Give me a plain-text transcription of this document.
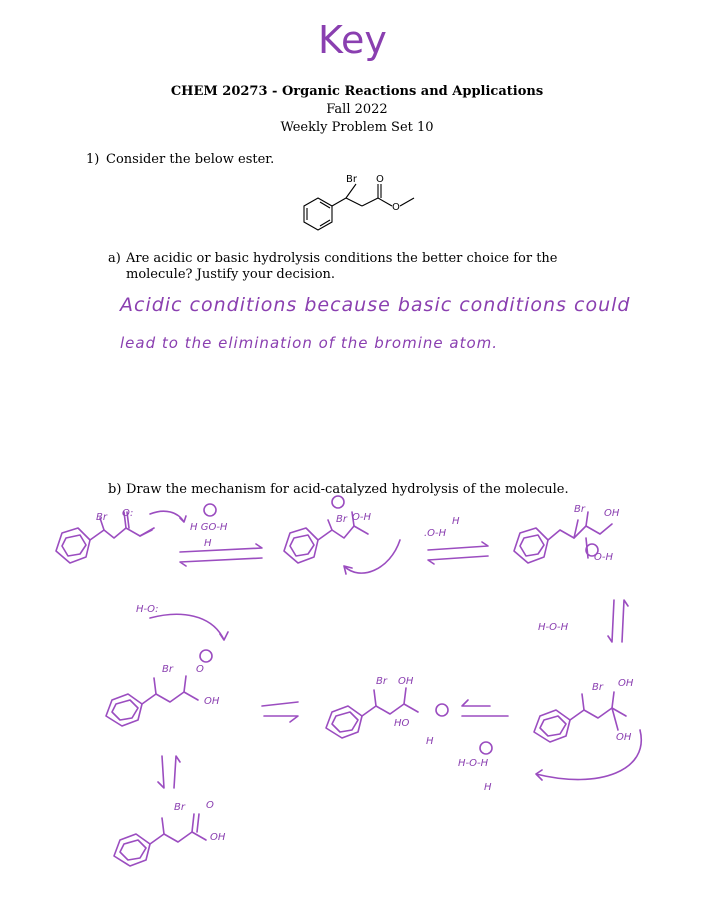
Key
CHEM 20273 - Organic Reactions and Applications
Fall 2022
Weekly Problem Set 10
1) Consider the below ester.
Br O
O
a) Are acidic or basic hydrolysis conditions the better choice for the molecule? Justify your decision.
Acidic conditions because basic conditions could
lead to the elimination of the bromine atom.
b) Draw the mechanism for acid-catalyzed hydrolysis of the molecule.
Br O:
H GO-H
H
Br O-H
.O-H
H
Br OH
O-H
H-O-H
H-O:
Br O
OH
Br OH
HO
H
Br OH
OH
H-O-H
H
Br O
OH
